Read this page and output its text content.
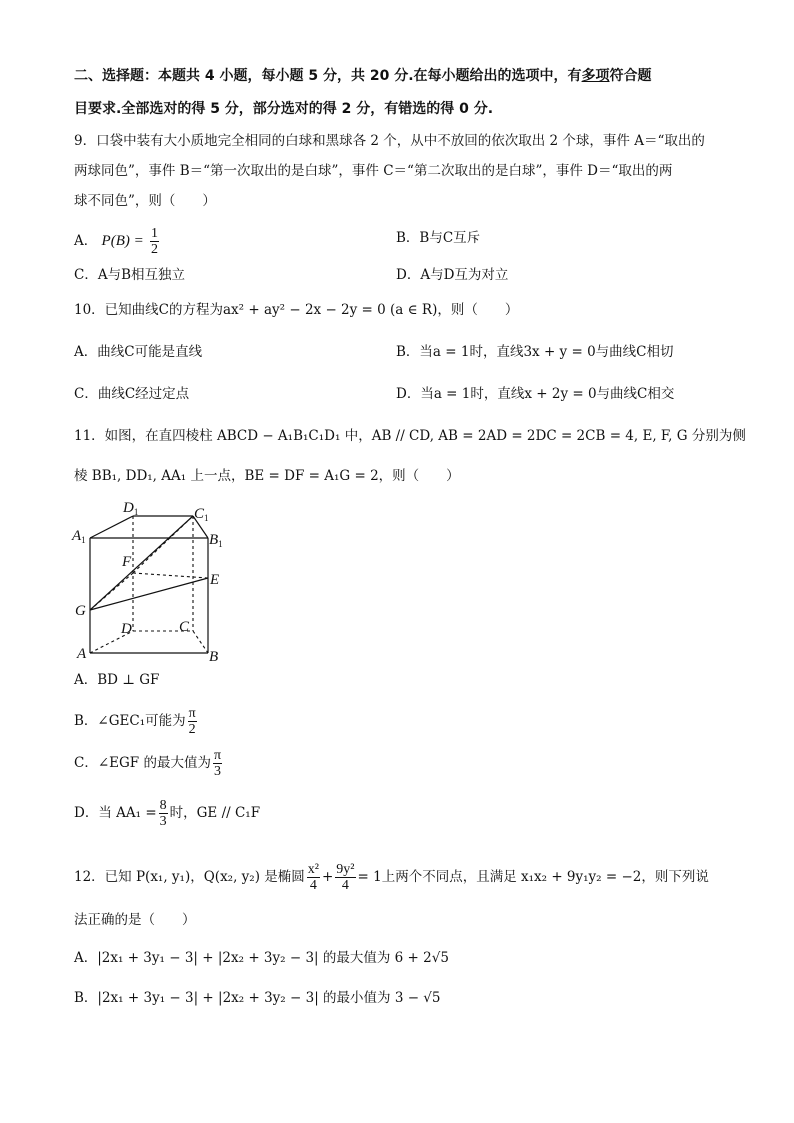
二、选择题：本题共 4 小题，每小题 5 分，共 20 分.在每小题给出的选项中，有多项符合题
目要求.全部选对的得 5 分，部分选对的得 2 分，有错选的得 0 分.
9．口袋中装有大小质地完全相同的白球和黑球各 2 个，从中不放回的依次取出 2 个球，事件 A＝“取出的
两球同色”，事件 B＝“第一次取出的是白球”，事件 C＝“第二次取出的是白球”，事件 D＝“取出的两
球不同色”，则（　　）
A． $P(B) = \frac{1}{2}$	B．B与C互斥
C．A与B相互独立	D．A与D互为对立
10．已知曲线C的方程为ax² + ay² − 2x − 2y = 0 (a ∈ R)，则（　　）
A．曲线C可能是直线	B．当a = 1时，直线3x + y = 0与曲线C相切
C．曲线C经过定点	D．当a = 1时，直线x + 2y = 0与曲线C相交
11．如图，在直四棱柱 ABCD − A₁B₁C₁D₁ 中，AB // CD, AB = 2AD = 2DC = 2CB = 4, E, F, G 分别为侧
棱 BB₁, DD₁, AA₁ 上一点，BE = DF = A₁G = 2，则（　　）
$D_1$	$C_1$
$A_1$	$B_1$
F
E
G
D	C
A	B
A．BD ⊥ GF
B．∠GEC₁可能为 $\frac{\pi}{2}$
C．∠EGF 的最大值为 $\frac{\pi}{3}$
D．当 $AA_1 = \frac{8}{3}$ 时，GE // C₁F
12．已知 P(x₁, y₁)，Q(x₂, y₂) 是椭圆 $\frac{\text{x²}}{4} + \frac{\text{9y²}}{4} = 1$上两个不同点，且满足 x₁x₂ + 9y₁y₂ = −2，则下列说
法正确的是（　　）
A．|2x₁ + 3y₁ − 3| + |2x₂ + 3y₂ − 3| 的最大值为 6 + 2√5
B．|2x₁ + 3y₁ − 3| + |2x₂ + 3y₂ − 3| 的最小值为 3 − √5
